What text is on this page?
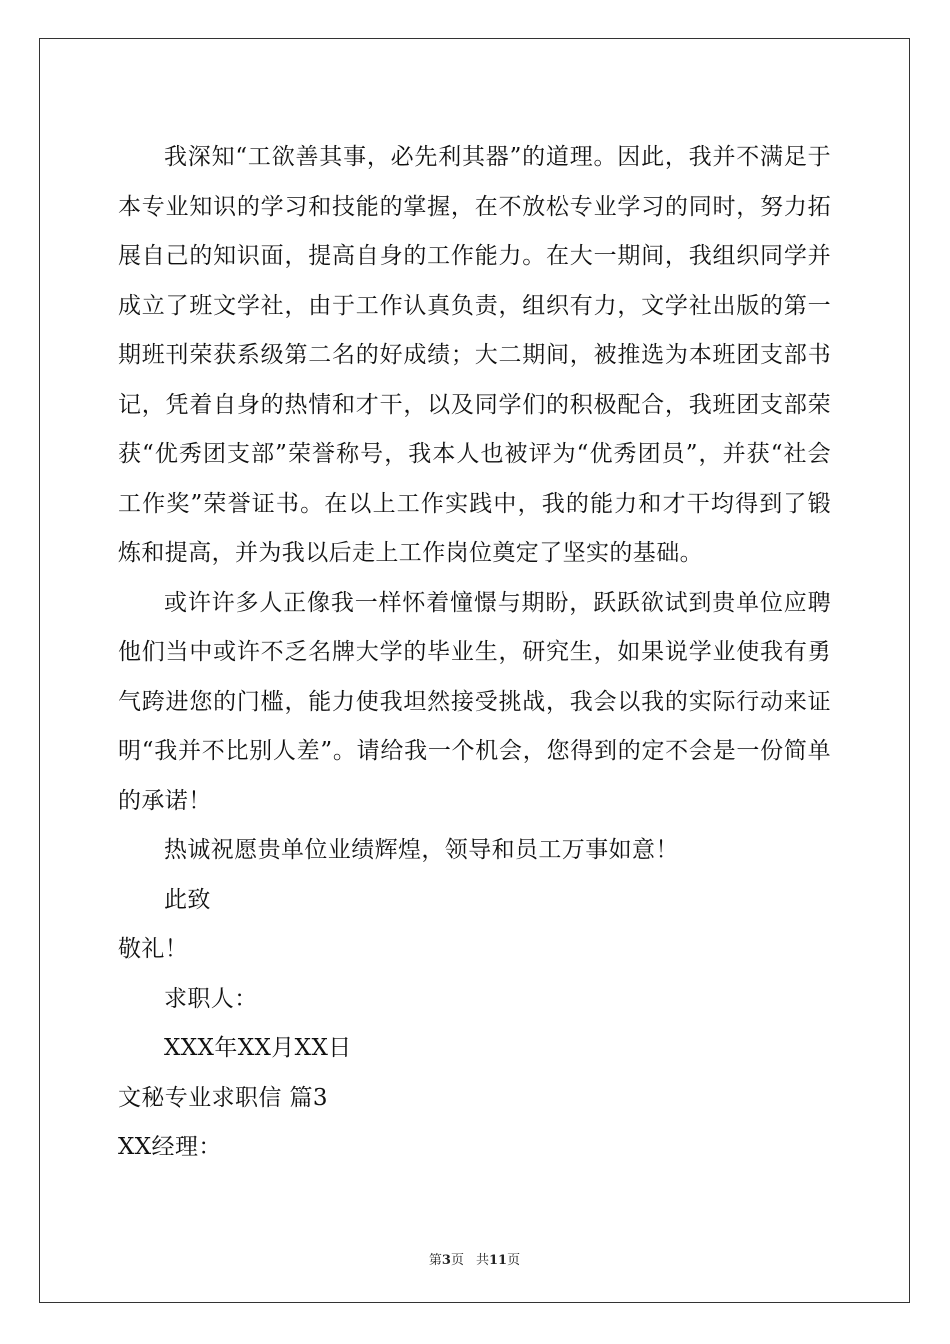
我深知“工欲善其事，必先利其器”的道理。因此，我并不满足于本专业知识的学习和技能的掌握，在不放松专业学习的同时，努力拓展自己的知识面，提高自身的工作能力。在大一期间，我组织同学并成立了班文学社，由于工作认真负责，组织有力，文学社出版的第一期班刊荣获系级第二名的好成绩；大二期间，被推选为本班团支部书记，凭着自身的热情和才干，以及同学们的积极配合，我班团支部荣获“优秀团支部”荣誉称号，我本人也被评为“优秀团员”，并获“社会工作奖”荣誉证书。在以上工作实践中，我的能力和才干均得到了锻炼和提高，并为我以后走上工作岗位奠定了坚实的基础。

或许许多人正像我一样怀着憧憬与期盼，跃跃欲试到贵单位应聘他们当中或许不乏名牌大学的毕业生，研究生，如果说学业使我有勇气跨进您的门槛，能力使我坦然接受挑战，我会以我的实际行动来证明“我并不比别人差”。请给我一个机会，您得到的定不会是一份简单的承诺！

热诚祝愿贵单位业绩辉煌，领导和员工万事如意！

此致

敬礼！

求职人：

XXX年XX月XX日

文秘专业求职信 篇3

XX经理：

第3页 共11页
